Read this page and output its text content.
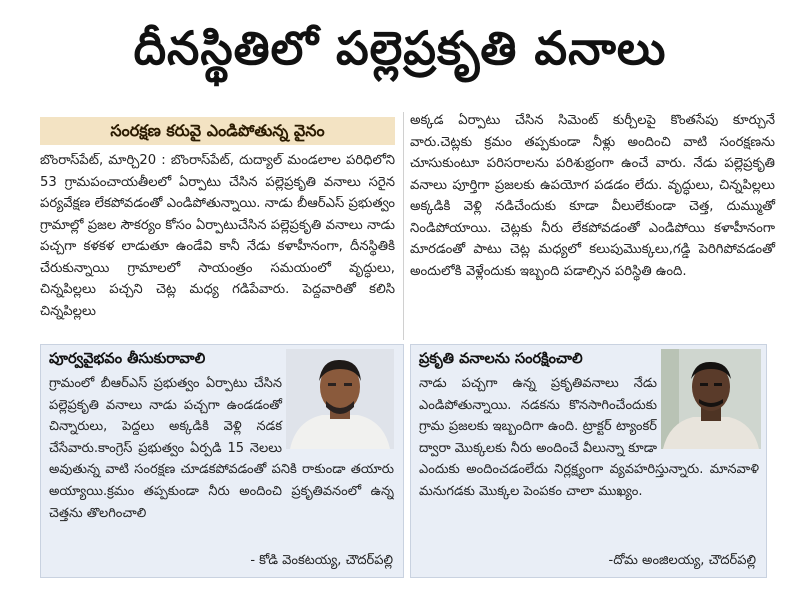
దీనస్థితిలో పల్లెప్రకృతి వనాలు
సంరక్షణ కరువై ఎండిపోతున్న వైనం
బొంరాస్‌పేట్, మార్చి20 : బొంరాస్‌పేట్, దుద్యాల్ మండలాల పరిధిలోని 53 గ్రామపంచాయతీలలో ఏర్పాటు చేసిన పల్లెప్రకృతి వనాలు సరైన పర్యవేక్షణ లేకపోవడంతో ఎండిపోతున్నాయి. నాడు బీఆర్‌ఎస్ ప్రభుత్వం గ్రామాల్లో ప్రజల సౌకర్యం కోసం ఏర్పాటుచేసిన పల్లెప్రకృతి వనాలు నాడు పచ్చగా కళకళ లాడుతూ ఉండేవి కానీ నేడు కళాహీనంగా, దీనస్థితికి చేరుకున్నాయి గ్రామాలలో సాయంత్రం సమయంలో వృద్ధులు, చిన్నపిల్లలు పచ్చని చెట్ల మధ్య గడిపేవారు. పెద్దవారితో కలిసి చిన్నపిల్లలు
అక్కడ ఏర్పాటు చేసిన సిమెంట్ కుర్చీలపై కొంతసేపు కూర్చునే వారు.చెట్లకు క్రమం తప్పకుండా నీళ్లు అందించి వాటి సంరక్షణను చూసుకుంటూ పరిసరాలను పరిశుభ్రంగా ఉంచే వారు. నేడు పల్లెప్రకృతి వనాలు పూర్తిగా ప్రజలకు ఉపయోగ పడడం లేదు. వృద్ధులు, చిన్నపిల్లలు అక్కడికి వెళ్లి నడిచేందుకు కూడా వీలులేకుండా చెత్త, దుమ్ముతో నిండిపోయాయి. చెట్లకు నీరు లేకపోవడంతో ఎండిపోయి కళాహీనంగా మారడంతో పాటు చెట్ల మధ్యలో కలుపుమొక్కలు,గడ్డి పెరిగిపోవడంతో అందులోకి వెళ్లేందుకు ఇబ్బంది పడాల్సిన పరిస్థితి ఉంది.
పూర్వవైభవం తీసుకురావాలి
గ్రామంలో బీఆర్‌ఎస్ ప్రభుత్వం ఏర్పాటు చేసిన పల్లెప్రకృతి వనాలు నాడు పచ్చగా ఉండడంతో చిన్నారులు, పెద్దలు అక్కడికి వెళ్లి నడక చేసేవారు.కాంగ్రెస్ ప్రభుత్వం ఏర్పడి 15 నెలలు అవుతున్న వాటి సంరక్షణ చూడకపోవడంతో పనికి రాకుండా తయారు అయ్యాయి.క్రమం తప్పకుండా నీరు అందించి ప్రకృతివనంలో ఉన్న చెత్తను తొలగించాలి
- కోడి వెంకటయ్య, చౌదర్‌పల్లి
ప్రకృతి వనాలను సంరక్షించాలి
నాడు పచ్చగా ఉన్న ప్రకృతివనాలు నేడు ఎండిపోతున్నాయి. నడకను కొనసాగించేందుకు గ్రామ ప్రజలకు ఇబ్బందిగా ఉంది. ట్రాక్టర్ ట్యాంకర్ ద్వారా మొక్కలకు నీరు అందించే వీలున్నా కూడా ఎందుకు అందించడంలేదు నిర్లక్ష్యంగా వ్యవహరిస్తున్నారు. మానవాళి మనుగడకు మొక్కల పెంపకం చాలా ముఖ్యం.
-దోమ అంజిలయ్య, చౌదర్‌పల్లి
